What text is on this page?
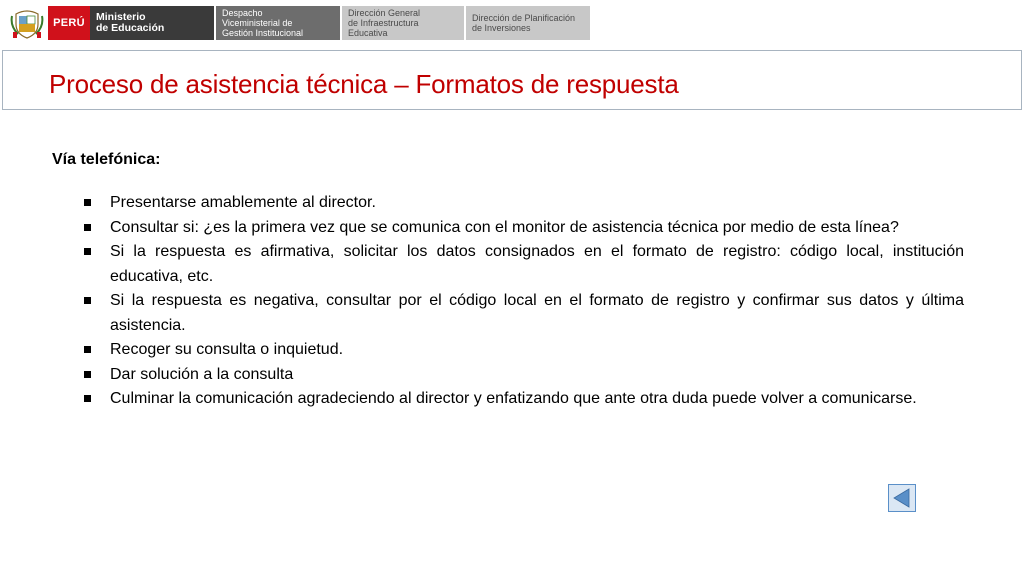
PERÚ	Ministerio
de Educación
Despacho
Viceministerial de
Gestión Institucional
Dirección General
de Infraestructura
Educativa
Dirección de Planificación
de Inversiones
Proceso de asistencia técnica – Formatos de respuesta

Vía telefónica:

Presentarse amablemente al director.
Consultar si: ¿es la primera vez que se comunica con el monitor de asistencia técnica por medio de esta línea?
Si la respuesta es afirmativa, solicitar los datos consignados en el formato de registro: código local, institución educativa, etc.
Si la respuesta es negativa, consultar por el código local en el formato de registro y confirmar sus datos y última asistencia.
Recoger su consulta o inquietud.
Dar solución a la consulta
Culminar la comunicación agradeciendo al director y enfatizando que ante otra duda puede volver a comunicarse.
